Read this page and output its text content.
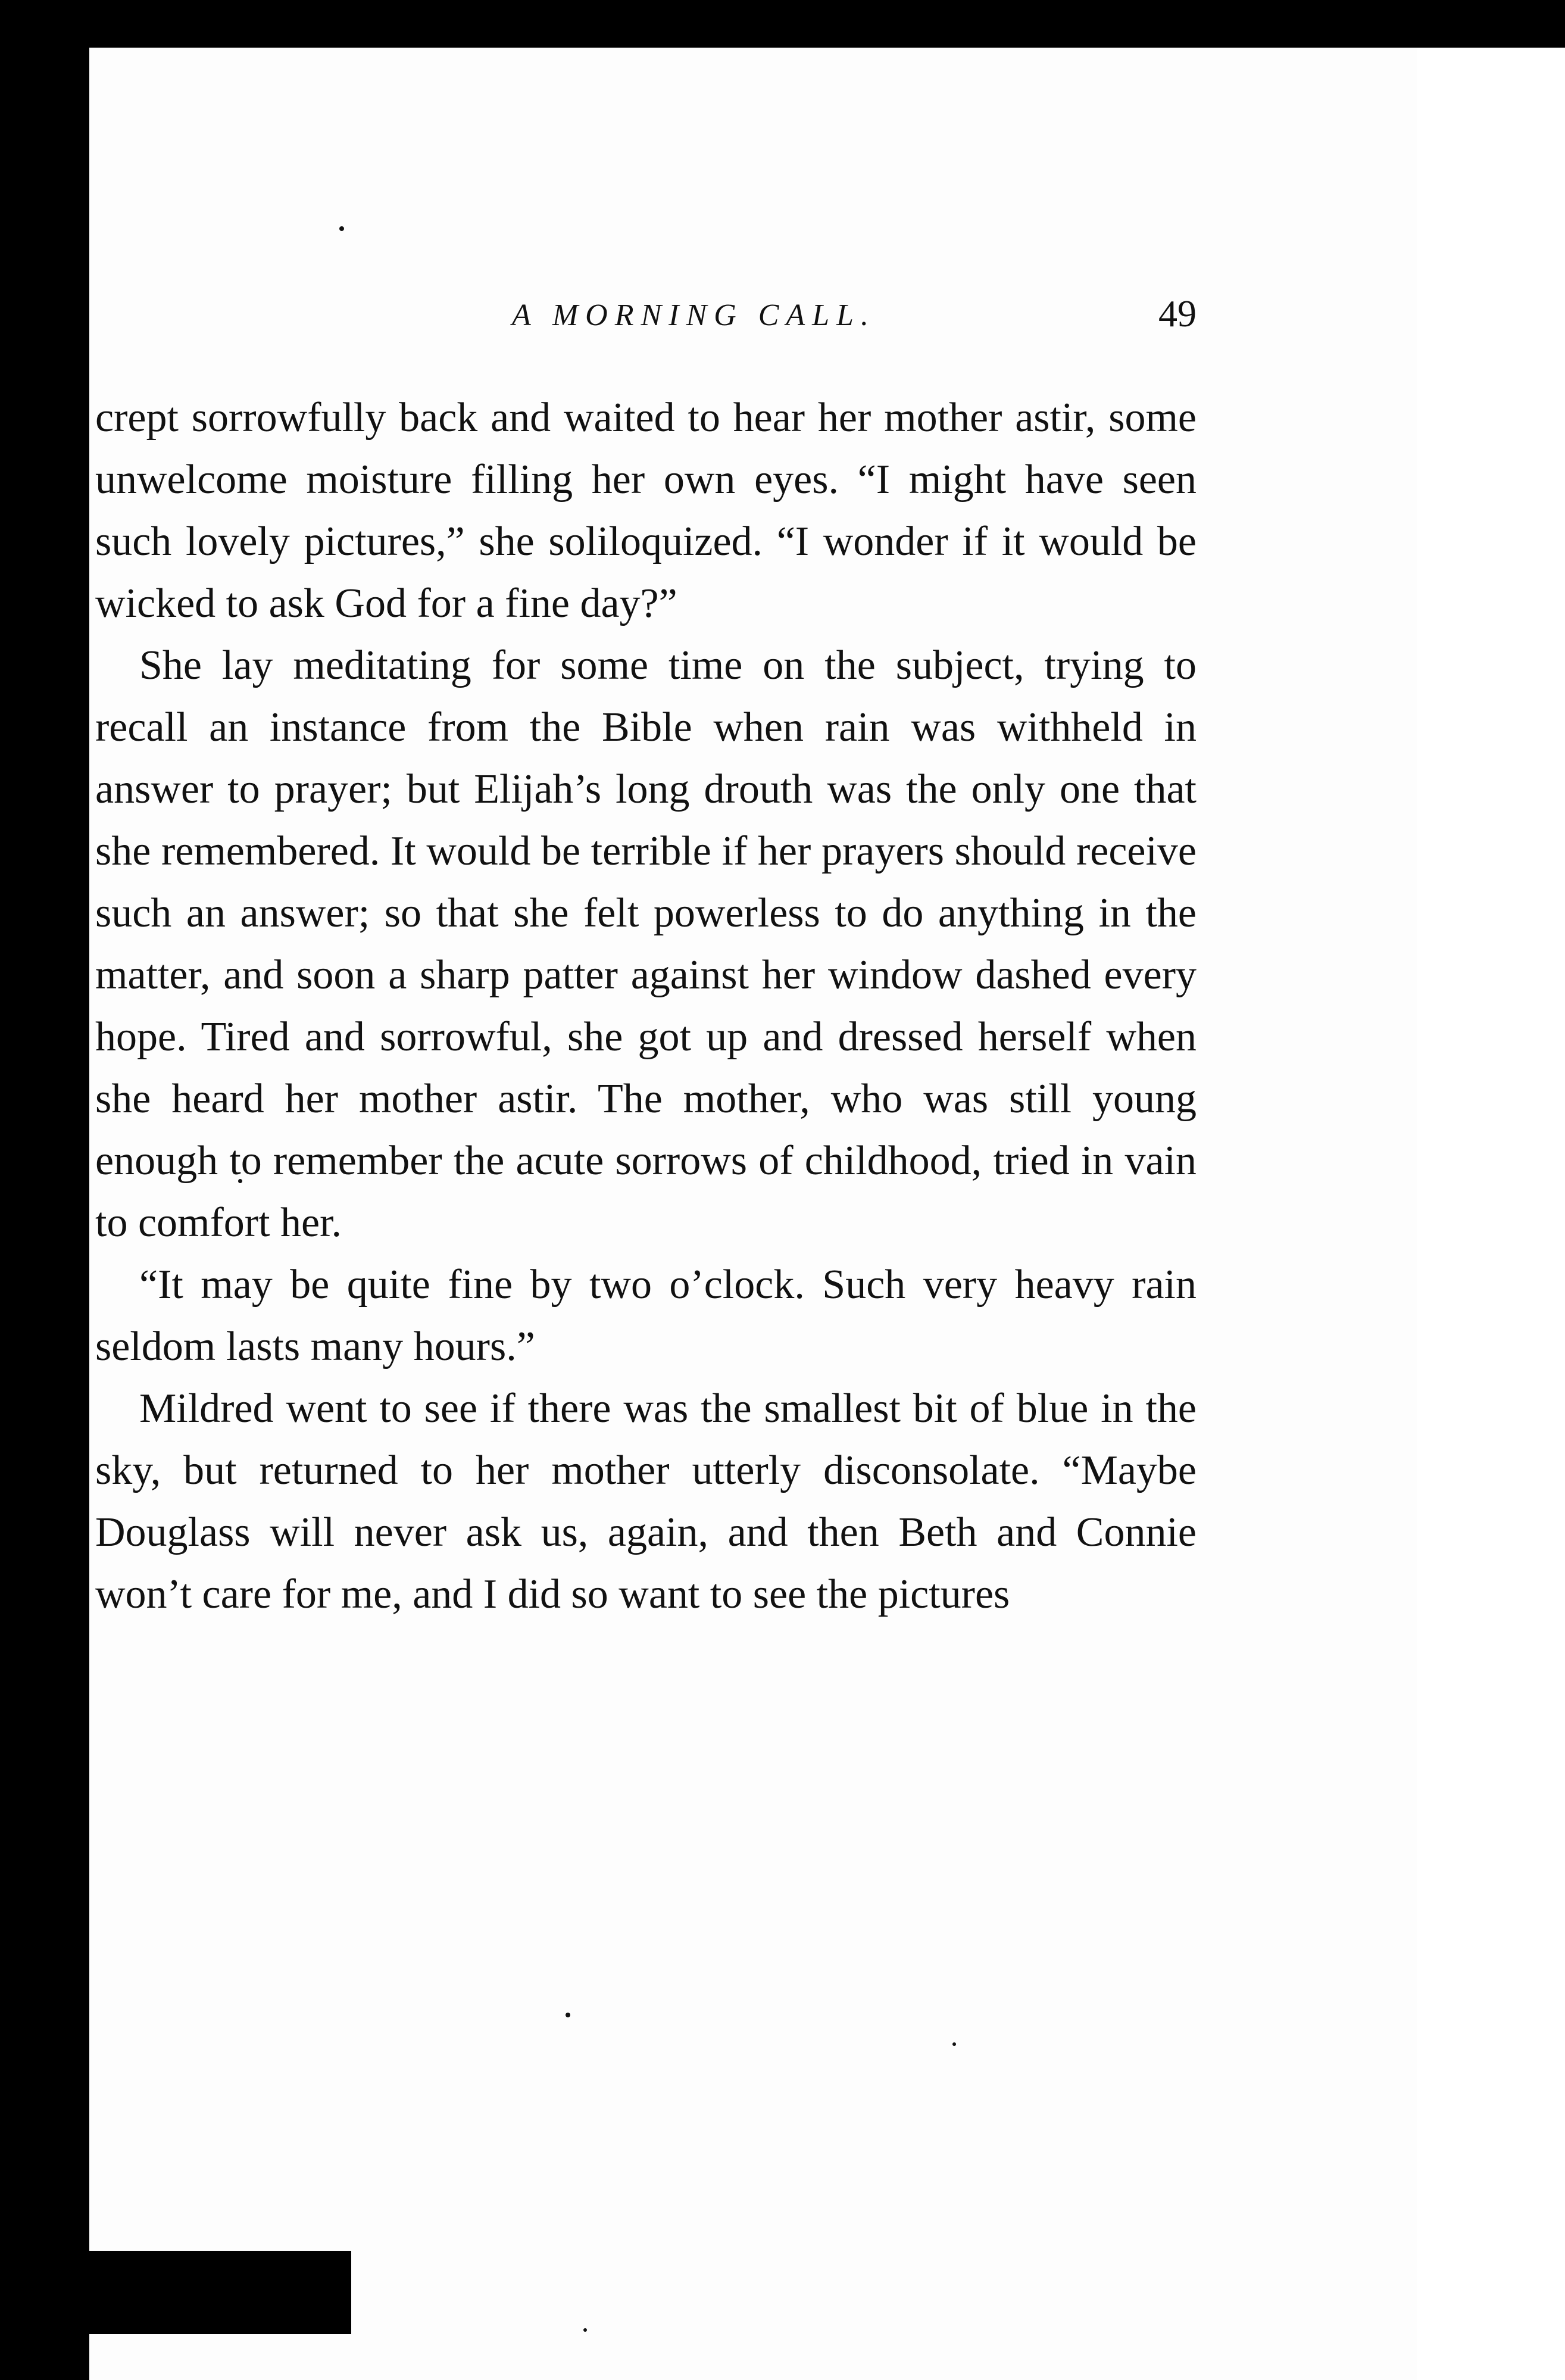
A MORNING CALL.	49

crept sorrowfully back and waited to hear her mother astir, some unwelcome moisture filling her own eyes. “I might have seen such lovely pictures,” she soliloquized. “I wonder if it would be wicked to ask God for a fine day?”

She lay meditating for some time on the subject, trying to recall an instance from the Bible when rain was withheld in answer to prayer; but Elijah’s long drouth was the only one that she remembered. It would be terrible if her prayers should receive such an answer; so that she felt powerless to do anything in the matter, and soon a sharp patter against her window dashed every hope. Tired and sorrowful, she got up and dressed herself when she heard her mother astir. The mother, who was still young enough to remember the acute sorrows of childhood, tried in vain to comfort her.

“It may be quite fine by two o’clock. Such very heavy rain seldom lasts many hours.”

Mildred went to see if there was the smallest bit of blue in the sky, but returned to her mother utterly disconsolate. “Maybe Douglass will never ask us, again, and then Beth and Connie won’t care for me, and I did so want to see the pictures
